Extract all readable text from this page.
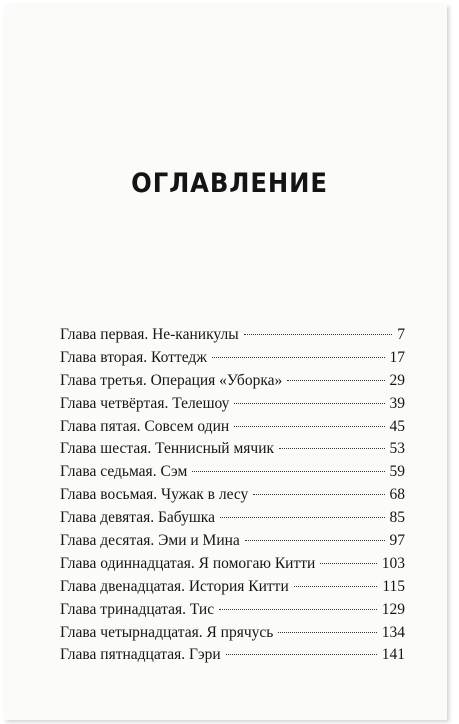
ОГЛАВЛЕНИЕ
Глава первая. Не-каникулы	7
Глава вторая. Коттедж	17
Глава третья. Операция «Уборка»	29
Глава четвёртая. Телешоу	39
Глава пятая. Совсем один	45
Глава шестая. Теннисный мячик	53
Глава седьмая. Сэм	59
Глава восьмая. Чужак в лесу	68
Глава девятая. Бабушка	85
Глава десятая. Эми и Мина	97
Глава одиннадцатая. Я помогаю Китти	103
Глава двенадцатая. История Китти	115
Глава тринадцатая. Тис	129
Глава четырнадцатая. Я прячусь	134
Глава пятнадцатая. Гэри	141
